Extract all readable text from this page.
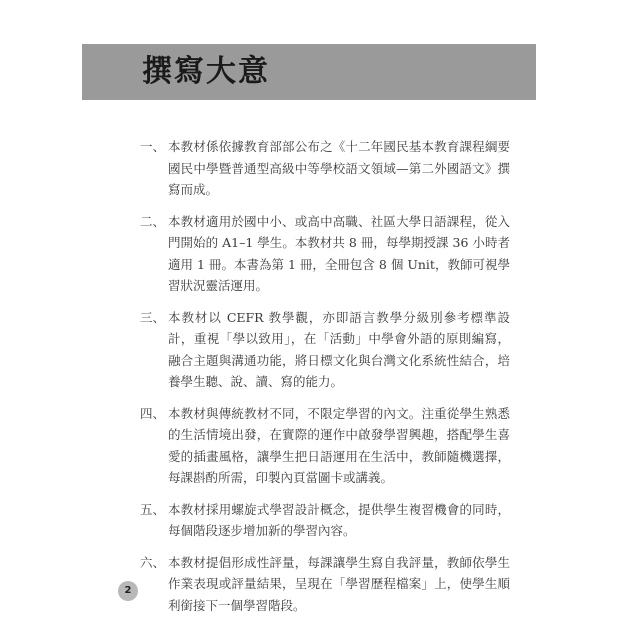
撰寫大意
一、 本教材係依據教育部部公布之《十二年國民基本教育課程綱要國民中學暨普通型高級中等學校語文領域—第二外國語文》撰寫而成。
二、 本教材適用於國中小、或高中高職、社區大學日語課程，從入門開始的 A1–1 學生。本教材共 8 冊，每學期授課 36 小時者適用 1 冊。本書為第 1 冊，全冊包含 8 個 Unit，教師可視學習狀況靈活運用。
三、 本教材以 CEFR 教學觀，亦即語言教學分級別參考標準設計，重視「學以致用」，在「活動」中學會外語的原則編寫，融合主題與溝通功能，將日標文化與台灣文化系統性結合，培養學生聽、說、讀、寫的能力。
四、 本教材與傳統教材不同，不限定學習的內文。注重從學生熟悉的生活情境出發，在實際的運作中啟發學習興趣，搭配學生喜愛的插畫風格，讓學生把日語運用在生活中，教師隨機選擇，每課斟酌所需，印製內頁當圖卡或講義。
五、 本教材採用螺旋式學習設計概念，提供學生複習機會的同時，每個階段逐步增加新的學習內容。
六、 本教材提倡形成性評量，每課讓學生寫自我評量，教師依學生作業表現或評量結果，呈現在「學習歷程檔案」上，使學生順利銜接下一個學習階段。
2
